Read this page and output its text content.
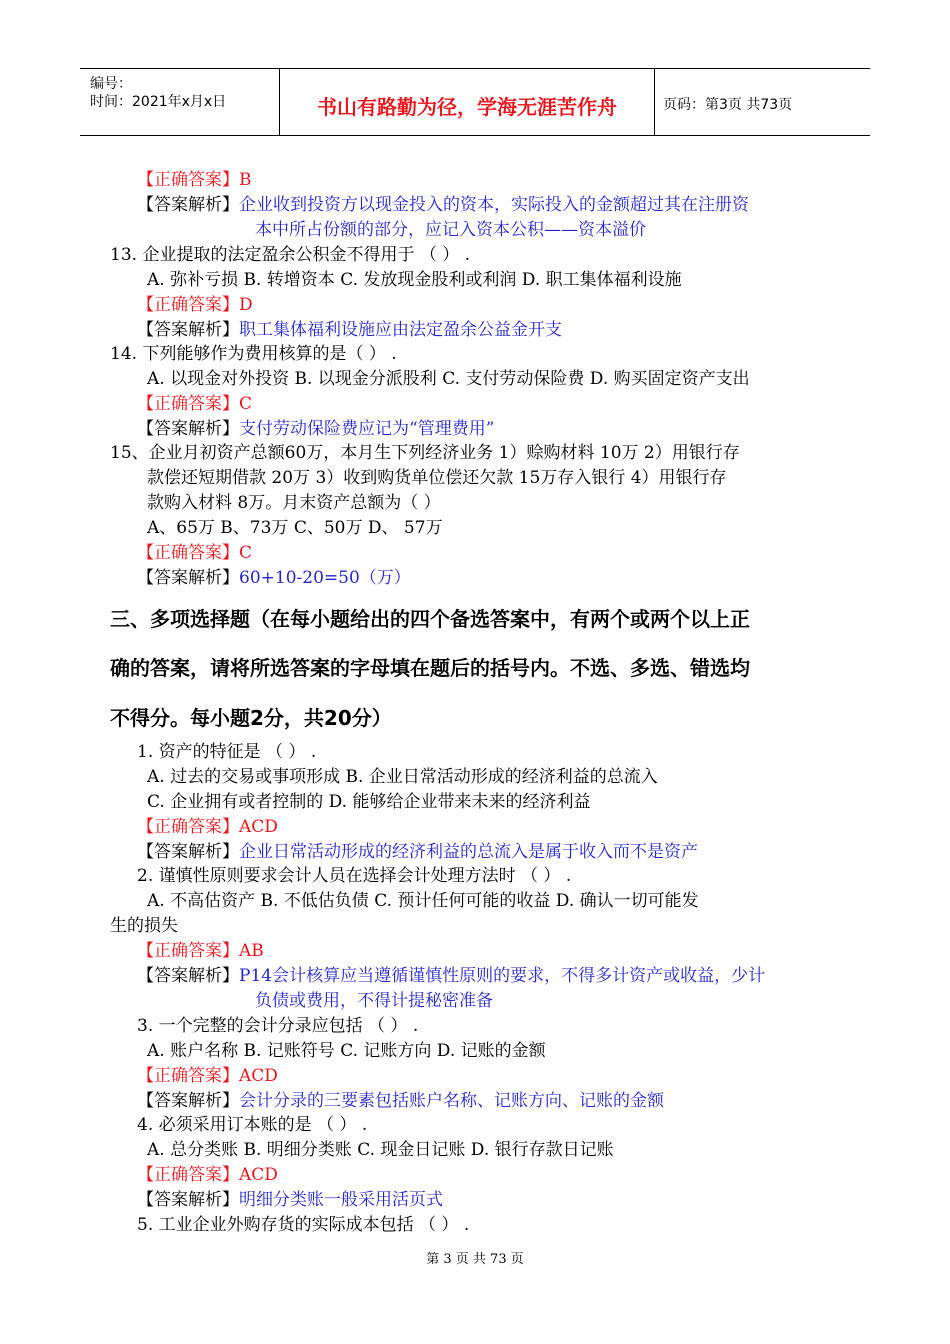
编号：
时间：2021年x月x日	书山有路勤为径，学海无涯苦作舟	页码：第3页 共73页
【正确答案】B
【答案解析】企业收到投资方以现金投入的资本，实际投入的金额超过其在注册资
本中所占份额的部分，应记入资本公积——资本溢价
13. 企业提取的法定盈余公积金不得用于 （ ） .
A. 弥补亏损 B. 转增资本 C. 发放现金股利或利润 D. 职工集体福利设施
【正确答案】D
【答案解析】职工集体福利设施应由法定盈余公益金开支
14. 下列能够作为费用核算的是（ ） .
A. 以现金对外投资 B. 以现金分派股利 C. 支付劳动保险费 D. 购买固定资产支出
【正确答案】C
【答案解析】支付劳动保险费应记为“管理费用”
15、企业月初资产总额60万，本月生下列经济业务 1）赊购材料 10万 2）用银行存
款偿还短期借款 20万 3）收到购货单位偿还欠款 15万存入银行 4）用银行存
款购入材料 8万。月末资产总额为（ ）
A、65万 B、73万 C、50万 D、 57万
【正确答案】C
【答案解析】60+10-20=50（万）
三、多项选择题（在每小题给出的四个备选答案中，有两个或两个以上正
确的答案，请将所选答案的字母填在题后的括号内。不选、多选、错选均
不得分。每小题2分，共20分）
1. 资产的特征是 （ ） .
A. 过去的交易或事项形成 B. 企业日常活动形成的经济利益的总流入
C. 企业拥有或者控制的 D. 能够给企业带来未来的经济利益
【正确答案】ACD
【答案解析】企业日常活动形成的经济利益的总流入是属于收入而不是资产
2. 谨慎性原则要求会计人员在选择会计处理方法时 （ ） .
A. 不高估资产 B. 不低估负债 C. 预计任何可能的收益 D. 确认一切可能发
生的损失
【正确答案】AB
【答案解析】P14会计核算应当遵循谨慎性原则的要求，不得多计资产或收益，少计
负债或费用，不得计提秘密准备
3. 一个完整的会计分录应包括 （ ） .
A. 账户名称 B. 记账符号 C. 记账方向 D. 记账的金额
【正确答案】ACD
【答案解析】会计分录的三要素包括账户名称、记账方向、记账的金额
4. 必须采用订本账的是 （ ） .
A. 总分类账 B. 明细分类账 C. 现金日记账 D. 银行存款日记账
【正确答案】ACD
【答案解析】明细分类账一般采用活页式
5. 工业企业外购存货的实际成本包括 （ ） .
第 3 页 共 73 页
